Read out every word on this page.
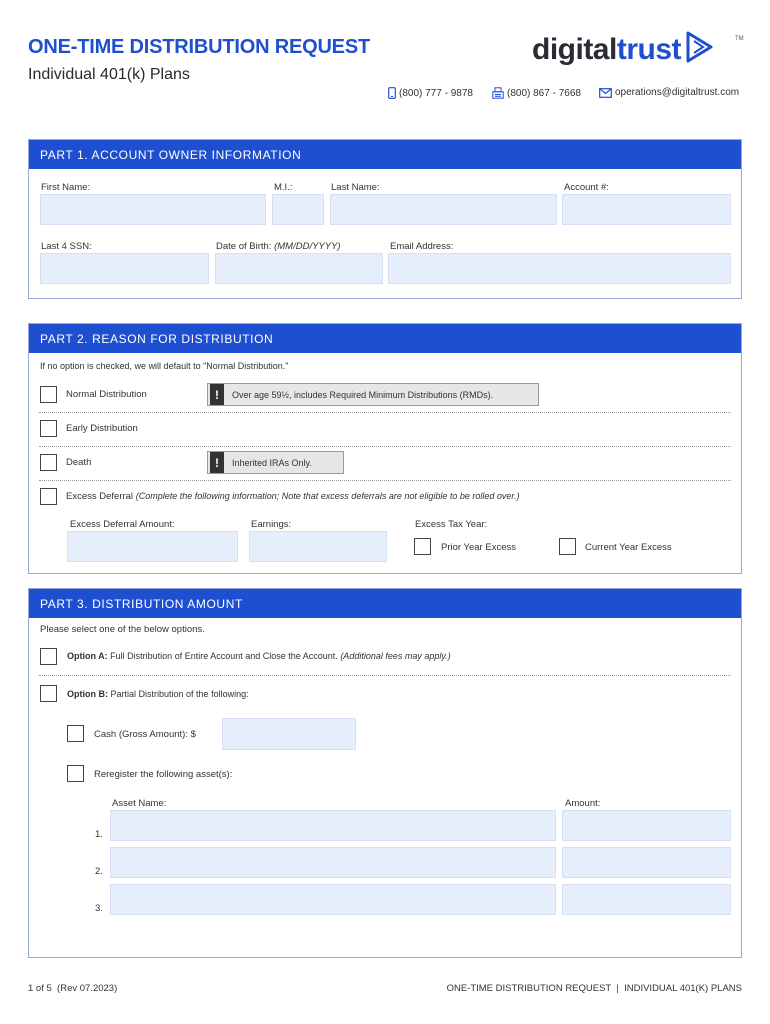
ONE-TIME DISTRIBUTION REQUEST
Individual 401(k) Plans
digitaltrust	TM
(800) 777 - 9878	(800) 867 - 7668	operations@digitaltrust.com
PART 1. ACCOUNT OWNER INFORMATION
First Name:	M.I.:	Last Name:	Account #:
Last 4 SSN:	Date of Birth: (MM/DD/YYYY)	Email Address:
PART 2. REASON FOR DISTRIBUTION
If no option is checked, we will default to "Normal Distribution."
Normal Distribution	!	Over age 59½, includes Required Minimum Distributions (RMDs).
Early Distribution
Death	!	Inherited IRAs Only.
Excess Deferral (Complete the following information; Note that excess deferrals are not eligible to be rolled over.)
Excess Deferral Amount:	Earnings:	Excess Tax Year:
Prior Year Excess	Current Year Excess
PART 3. DISTRIBUTION AMOUNT
Please select one of the below options.
Option A: Full Distribution of Entire Account and Close the Account. (Additional fees may apply.)
Option B: Partial Distribution of the following:
Cash (Gross Amount): $
Reregister the following asset(s):
Asset Name:	Amount:
1.
2.
3.
1 of 5  (Rev 07.2023)	ONE-TIME DISTRIBUTION REQUEST  |  INDIVIDUAL 401(K) PLANS
